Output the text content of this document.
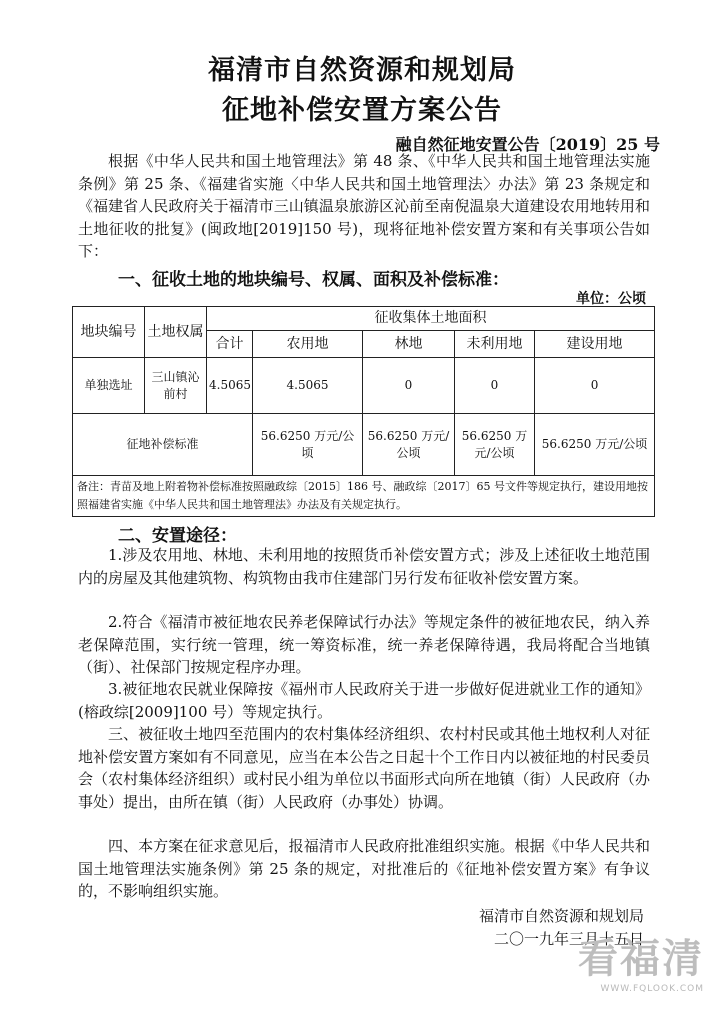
福清市自然资源和规划局
征地补偿安置方案公告
融自然征地安置公告〔2019〕25 号

根据《中华人民共和国土地管理法》第 48 条、《中华人民共和国土地管理法实施条例》第 25 条、《福建省实施〈中华人民共和国土地管理法〉办法》第 23 条规定和《福建省人民政府关于福清市三山镇温泉旅游区沁前至南倪温泉大道建设农用地转用和土地征收的批复》(闽政地[2019]150 号)，现将征地补偿安置方案和有关事项公告如下：

一、征收土地的地块编号、权属、面积及补偿标准：
单位：公顷
地块编号	土地权属	征收集体土地面积				
		合计	农用地	林地	未利用地	建设用地
单独选址	三山镇沁前村	4.5065	4.5065	0	0	0
征地补偿标准			56.6250 万元/公顷	56.6250 万元/公顷	56.6250 万元/公顷	56.6250 万元/公顷
备注：青苗及地上附着物补偿标准按照融政综〔2015〕186 号、融政综〔2017〕65 号文件等规定执行，建设用地按照福建省实施《中华人民共和国土地管理法》办法及有关规定执行。						
二、安置途径：

1.涉及农用地、林地、未利用地的按照货币补偿安置方式；涉及上述征收土地范围内的房屋及其他建筑物、构筑物由我市住建部门另行发布征收补偿安置方案。

2.符合《福清市被征地农民养老保障试行办法》等规定条件的被征地农民，纳入养老保障范围，实行统一管理，统一筹资标准，统一养老保障待遇，我局将配合当地镇（街）、社保部门按规定程序办理。

3.被征地农民就业保障按《福州市人民政府关于进一步做好促进就业工作的通知》(榕政综[2009]100 号）等规定执行。

三、被征收土地四至范围内的农村集体经济组织、农村村民或其他土地权利人对征地补偿安置方案如有不同意见，应当在本公告之日起十个工作日内以被征地的村民委员会（农村集体经济组织）或村民小组为单位以书面形式向所在地镇（街）人民政府（办事处）提出，由所在镇（街）人民政府（办事处）协调。

四、本方案在征求意见后，报福清市人民政府批准组织实施。根据《中华人民共和国土地管理法实施条例》第 25 条的规定，对批准后的《征地补偿安置方案》有争议的，不影响组织实施。

福清市自然资源和规划局
二〇一九年三月十五日
看福清
WWW.FQLOOK.COM
